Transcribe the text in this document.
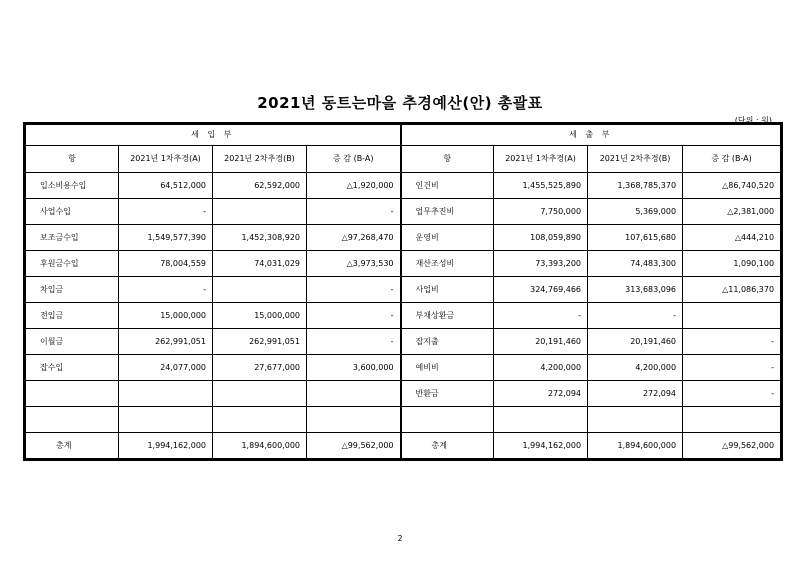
2021년 동트는마을 추경예산(안) 총괄표
(단위 : 원)
세 입 부				세 출 부			
항	2021년 1차추경(A)	2021년 2차추경(B)	증 감 (B-A)	항	2021년 1차추경(A)	2021년 2차추경(B)	증 감 (B-A)
입소비용수입	64,512,000	62,592,000	△1,920,000	인건비	1,455,525,890	1,368,785,370	△86,740,520
사업수입	-		-	업무추진비	7,750,000	5,369,000	△2,381,000
보조금수입	1,549,577,390	1,452,308,920	△97,268,470	운영비	108,059,890	107,615,680	△444,210
후원금수입	78,004,559	74,031,029	△3,973,530	재산조성비	73,393,200	74,483,300	1,090,100
차입금	-		-	사업비	324,769,466	313,683,096	△11,086,370
전입금	15,000,000	15,000,000	-	부채상환금	-	-	
이월금	262,991,051	262,991,051	-	잡지출	20,191,460	20,191,460	-
잡수입	24,077,000	27,677,000	3,600,000	예비비	4,200,000	4,200,000	-
				반환금	272,094	272,094	-

총계	1,994,162,000	1,894,600,000	△99,562,000	총계	1,994,162,000	1,894,600,000	△99,562,000
2
